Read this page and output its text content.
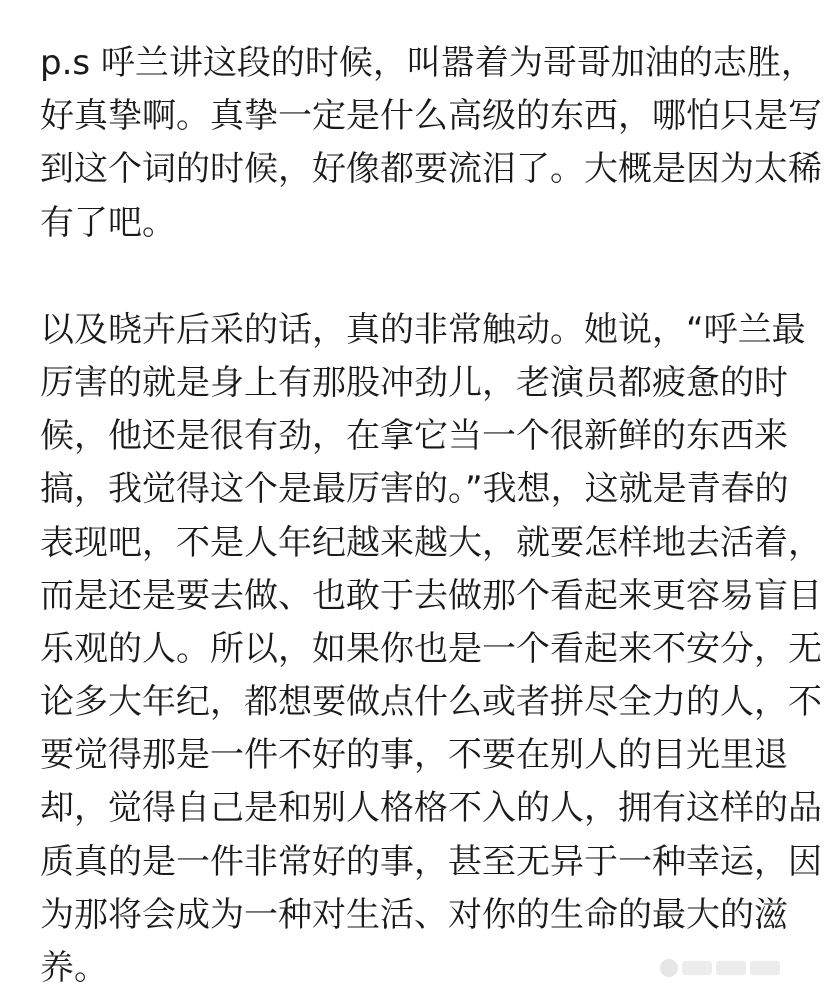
p.s 呼兰讲这段的时候，叫嚣着为哥哥加油的志胜，
好真挚啊。真挚一定是什么高级的东西，哪怕只是写
到这个词的时候，好像都要流泪了。大概是因为太稀
有了吧。

以及晓卉后采的话，真的非常触动。她说，“呼兰最
厉害的就是身上有那股冲劲儿，老演员都疲惫的时
候，他还是很有劲，在拿它当一个很新鲜的东西来
搞，我觉得这个是最厉害的。”我想，这就是青春的
表现吧，不是人年纪越来越大，就要怎样地去活着，
而是还是要去做、也敢于去做那个看起来更容易盲目
乐观的人。所以，如果你也是一个看起来不安分，无
论多大年纪，都想要做点什么或者拼尽全力的人，不
要觉得那是一件不好的事，不要在别人的目光里退
却，觉得自己是和别人格格不入的人，拥有这样的品
质真的是一件非常好的事，甚至无异于一种幸运，因
为那将会成为一种对生活、对你的生命的最大的滋
养。
